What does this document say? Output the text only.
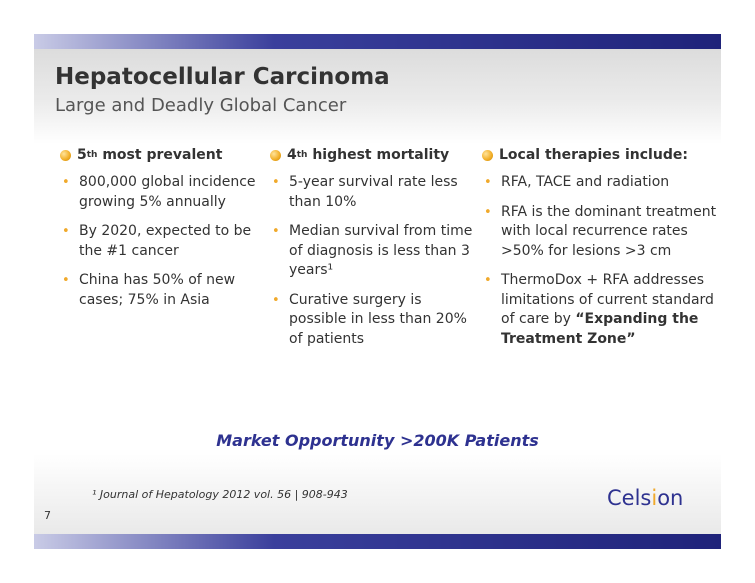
Hepatocellular Carcinoma
Large and Deadly Global Cancer
5 th most prevalent
• 800,000 global incidence growing 5% annually
• By 2020, expected to be the #1 cancer
• China has 50% of new cases; 75% in Asia
4 th highest mortality
• 5-year survival rate less than 10%
• Median survival from time of diagnosis is less than 3 years¹
• Curative surgery is possible in less than 20% of patients
Local therapies include:
• RFA, TACE and radiation
• RFA is the dominant treatment with local recurrence rates >50% for lesions >3 cm
• ThermoDox + RFA addresses limitations of current standard of care by “Expanding the Treatment Zone”
Market Opportunity >200K Patients
¹ Journal of Hepatology 2012 vol. 56 | 908-943
7
Celsion
